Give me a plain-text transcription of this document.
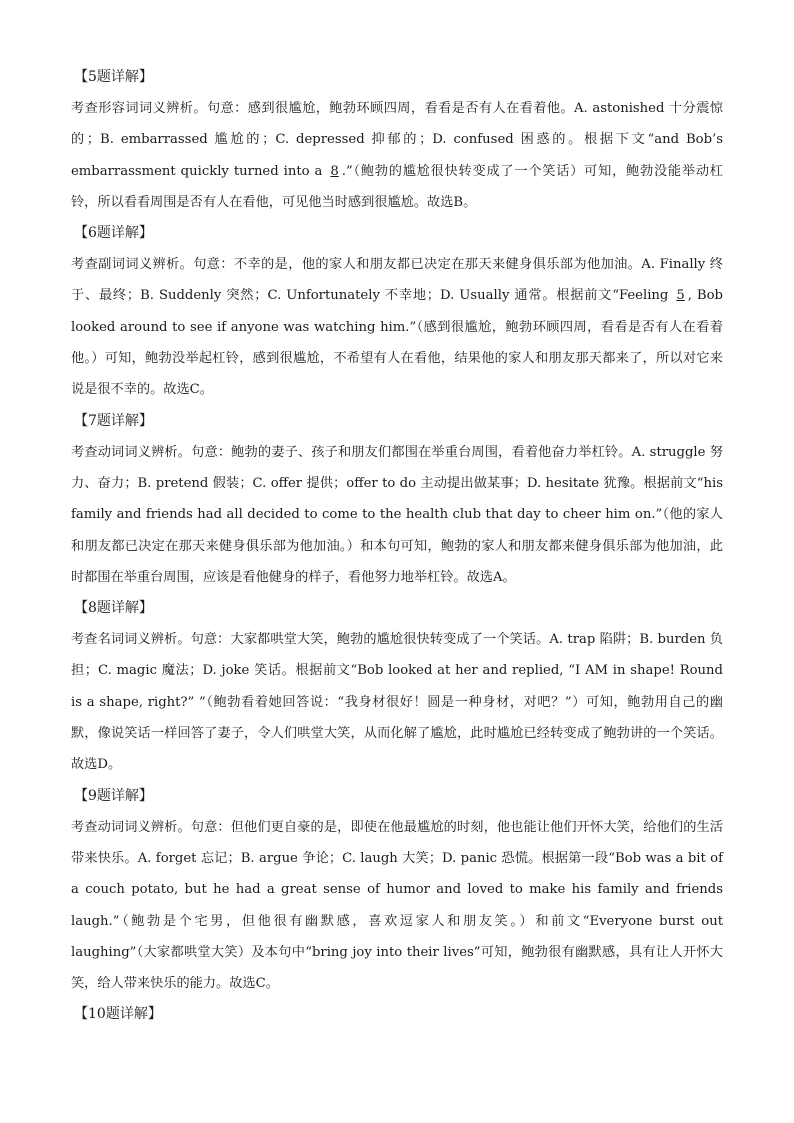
【5题详解】
考查形容词词义辨析。句意：感到很尴尬，鲍勃环顾四周，看看是否有人在看着他。A. astonished 十分震惊的；B. embarrassed 尴尬的；C. depressed 抑郁的；D. confused 困惑的。根据下文“and Bob’s embarrassment quickly turned into a 8 .”（鲍勃的尴尬很快转变成了一个笑话）可知，鲍勃没能举动杠铃，所以看看周围是否有人在看他，可见他当时感到很尴尬。故选B。
【6题详解】
考查副词词义辨析。句意：不幸的是，他的家人和朋友都已决定在那天来健身俱乐部为他加油。A. Finally 终于、最终；B. Suddenly 突然；C. Unfortunately 不幸地；D. Usually 通常。根据前文“Feeling 5 , Bob looked around to see if anyone was watching him.”（感到很尴尬，鲍勃环顾四周，看看是否有人在看着他。）可知，鲍勃没举起杠铃，感到很尴尬，不希望有人在看他，结果他的家人和朋友那天都来了，所以对它来说是很不幸的。故选C。
【7题详解】
考查动词词义辨析。句意：鲍勃的妻子、孩子和朋友们都围在举重台周围，看着他奋力举杠铃。A. struggle 努力、奋力；B. pretend 假装；C. offer 提供；offer to do 主动提出做某事；D. hesitate 犹豫。根据前文“his family and friends had all decided to come to the health club that day to cheer him on.”（他的家人和朋友都已决定在那天来健身俱乐部为他加油。）和本句可知，鲍勃的家人和朋友都来健身俱乐部为他加油，此时都围在举重台周围，应该是看他健身的样子，看他努力地举杠铃。故选A。
【8题详解】
考查名词词义辨析。句意：大家都哄堂大笑，鲍勃的尴尬很快转变成了一个笑话。A. trap 陷阱；B. burden 负担；C. magic 魔法；D. joke 笑话。根据前文“Bob looked at her and replied, “I AM in shape! Round is a shape, right?” ”（鲍勃看着她回答说：“我身材很好！圆是一种身材，对吧？”）可知，鲍勃用自己的幽默，像说笑话一样回答了妻子，令人们哄堂大笑，从而化解了尴尬，此时尴尬已经转变成了鲍勃讲的一个笑话。故选D。
【9题详解】
考查动词词义辨析。句意：但他们更自豪的是，即使在他最尴尬的时刻，他也能让他们开怀大笑，给他们的生活带来快乐。A. forget 忘记；B. argue 争论；C. laugh 大笑；D. panic 恐慌。根据第一段“Bob was a bit of a couch potato, but he had a great sense of humor and loved to make his family and friends laugh.”（鲍勃是个宅男，但他很有幽默感，喜欢逗家人和朋友笑。）和前文“Everyone burst out laughing”（大家都哄堂大笑）及本句中“bring joy into their lives”可知，鲍勃很有幽默感，具有让人开怀大笑，给人带来快乐的能力。故选C。
【10题详解】
